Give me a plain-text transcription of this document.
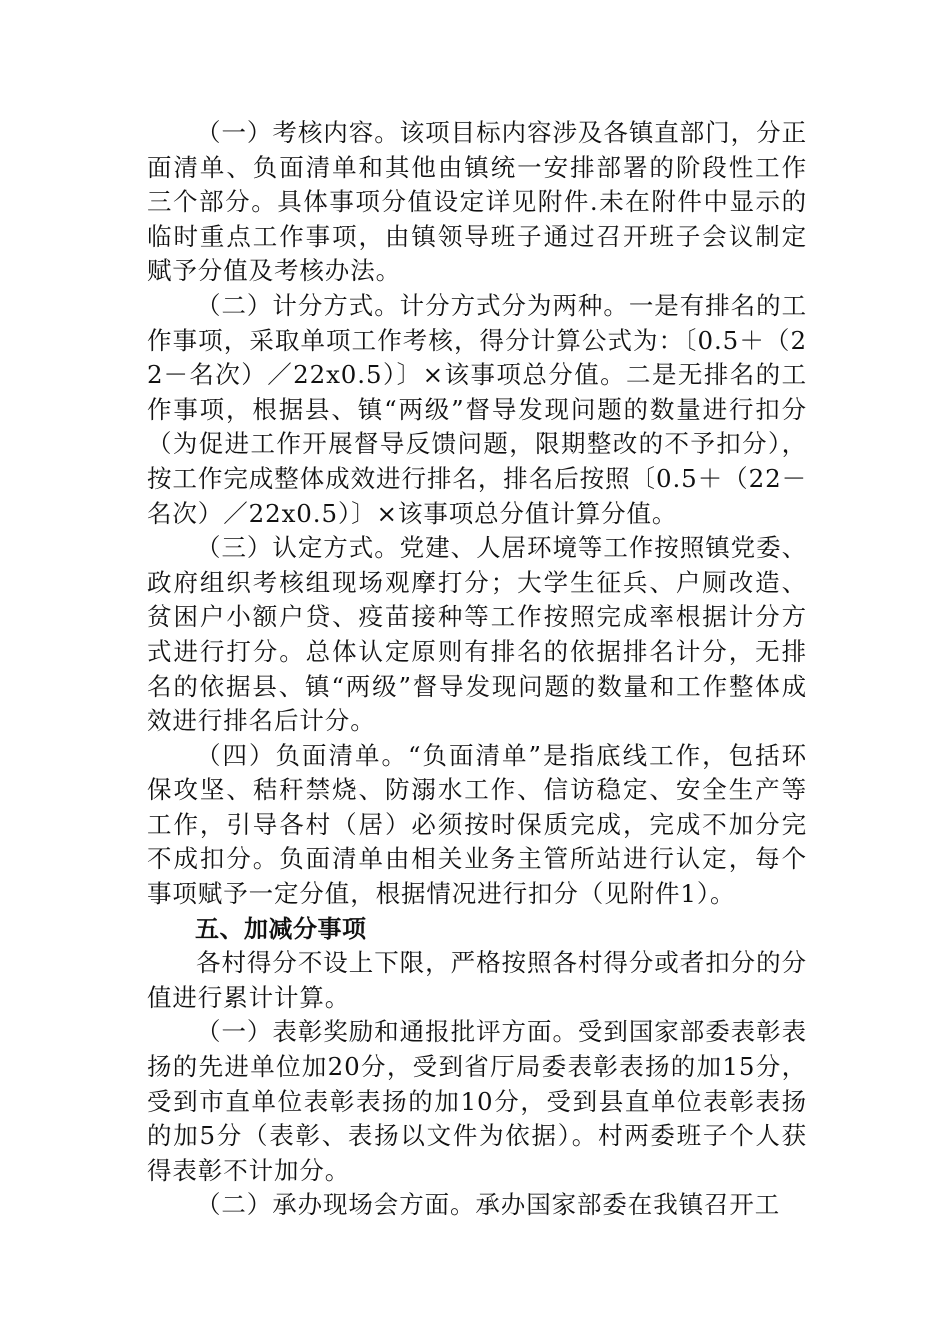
（一）考核内容。该项目标内容涉及各镇直部门，分正面清单、负面清单和其他由镇统一安排部署的阶段性工作三个部分。具体事项分值设定详见附件.未在附件中显示的临时重点工作事项，由镇领导班子通过召开班子会议制定赋予分值及考核办法。

（二）计分方式。计分方式分为两种。一是有排名的工作事项，采取单项工作考核，得分计算公式为：〔0.5＋（22－名次）／22x0.5）〕×该事项总分值。二是无排名的工作事项，根据县、镇“两级”督导发现问题的数量进行扣分（为促进工作开展督导反馈问题，限期整改的不予扣分），按工作完成整体成效进行排名，排名后按照〔0.5＋（22－名次）／22x0.5）〕×该事项总分值计算分值。

（三）认定方式。党建、人居环境等工作按照镇党委、政府组织考核组现场观摩打分；大学生征兵、户厕改造、贫困户小额户贷、疫苗接种等工作按照完成率根据计分方式进行打分。总体认定原则有排名的依据排名计分，无排名的依据县、镇“两级”督导发现问题的数量和工作整体成效进行排名后计分。

（四）负面清单。“负面清单”是指底线工作，包括环保攻坚、秸秆禁烧、防溺水工作、信访稳定、安全生产等工作，引导各村（居）必须按时保质完成，完成不加分完不成扣分。负面清单由相关业务主管所站进行认定，每个事项赋予一定分值，根据情况进行扣分（见附件1）。

五、加减分事项

各村得分不设上下限，严格按照各村得分或者扣分的分值进行累计计算。

（一）表彰奖励和通报批评方面。受到国家部委表彰表扬的先进单位加20分，受到省厅局委表彰表扬的加15分，受到市直单位表彰表扬的加10分，受到县直单位表彰表扬的加5分（表彰、表扬以文件为依据）。村两委班子个人获得表彰不计加分。

（二）承办现场会方面。承办国家部委在我镇召开工
